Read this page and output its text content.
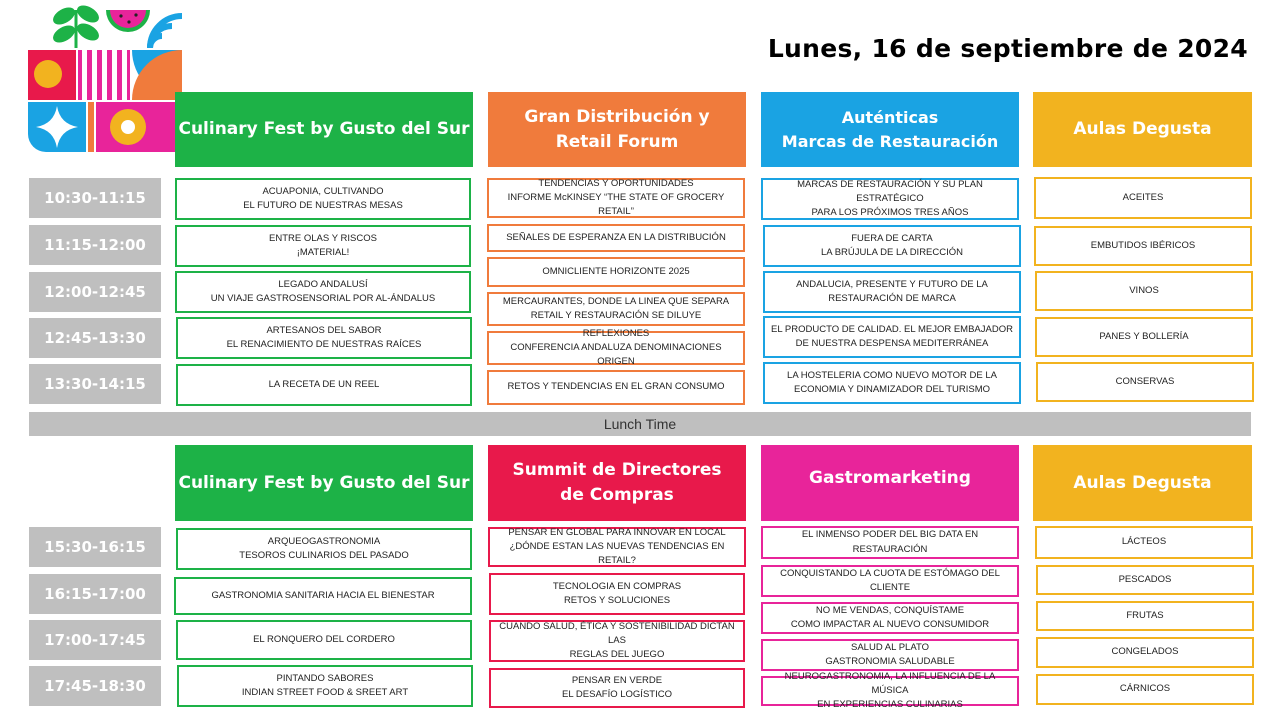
Lunes, 16 de septiembre de 2024
Culinary Fest by Gusto del Sur
Gran Distribución y
Retail Forum
Auténticas
Marcas de Restauración
Aulas Degusta
10:30-11:15
11:15-12:00
12:00-12:45
12:45-13:30
13:30-14:15
ACUAPONIA, CULTIVANDO
EL FUTURO DE NUESTRAS MESAS
ENTRE OLAS Y RISCOS
¡MATERIAL!
LEGADO ANDALUSÍ
UN VIAJE GASTROSENSORIAL POR AL-ÁNDALUS
ARTESANOS DEL SABOR
EL RENACIMIENTO DE NUESTRAS RAÍCES
LA RECETA DE UN REEL
TENDENCIAS Y OPORTUNIDADES
INFORME McKINSEY “THE STATE OF GROCERY RETAIL”
SEÑALES DE ESPERANZA EN LA DISTRIBUCIÓN
OMNICLIENTE HORIZONTE 2025
MERCAURANTES, DONDE LA LINEA QUE SEPARA
RETAIL Y RESTAURACIÓN SE DILUYE
REFLEXIONES
CONFERENCIA ANDALUZA DENOMINACIONES ORIGEN
RETOS Y TENDENCIAS EN EL GRAN CONSUMO
MARCAS DE RESTAURACIÓN Y SU PLAN ESTRATÉGICO
PARA LOS PRÓXIMOS TRES AÑOS
FUERA DE CARTA
LA BRÚJULA DE LA DIRECCIÓN
ANDALUCIA, PRESENTE Y FUTURO DE LA
RESTAURACIÓN DE MARCA
EL PRODUCTO DE CALIDAD. EL MEJOR EMBAJADOR
DE NUESTRA DESPENSA MEDITERRÁNEA
LA HOSTELERIA COMO NUEVO MOTOR DE LA
ECONOMIA Y DINAMIZADOR DEL TURISMO
ACEITES
EMBUTIDOS IBÉRICOS
VINOS
PANES Y BOLLERÍA
CONSERVAS
Lunch Time
Culinary Fest by Gusto del Sur
Summit de Directores
de Compras
Gastromarketing	Aulas Degusta
15:30-16:15
16:15-17:00
17:00-17:45
17:45-18:30
ARQUEOGASTRONOMIA
TESOROS CULINARIOS DEL PASADO
GASTRONOMIA SANITARIA HACIA EL BIENESTAR
EL RONQUERO DEL CORDERO
PINTANDO SABORES
INDIAN STREET FOOD & SREET ART
PENSAR EN GLOBAL PARA INNOVAR EN LOCAL
¿DÓNDE ESTAN LAS NUEVAS TENDENCIAS EN RETAIL?
TECNOLOGIA EN COMPRAS
RETOS Y SOLUCIONES
CUANDO SALUD, ÉTICA Y SOSTENIBILIDAD DICTAN LAS
REGLAS DEL JUEGO
PENSAR EN VERDE
EL DESAFÍO LOGÍSTICO
EL INMENSO PODER DEL BIG DATA EN RESTAURACIÓN
CONQUISTANDO LA CUOTA DE ESTÓMAGO DEL
CLIENTE
NO ME VENDAS, CONQUÍSTAME
COMO IMPACTAR AL NUEVO CONSUMIDOR
SALUD AL PLATO
GASTRONOMIA SALUDABLE
NEUROGASTRONOMIA, LA INFLUENCIA DE LA MÚSICA
EN EXPERIENCIAS CULINARIAS
LÁCTEOS
PESCADOS
FRUTAS
CONGELADOS
CÁRNICOS
